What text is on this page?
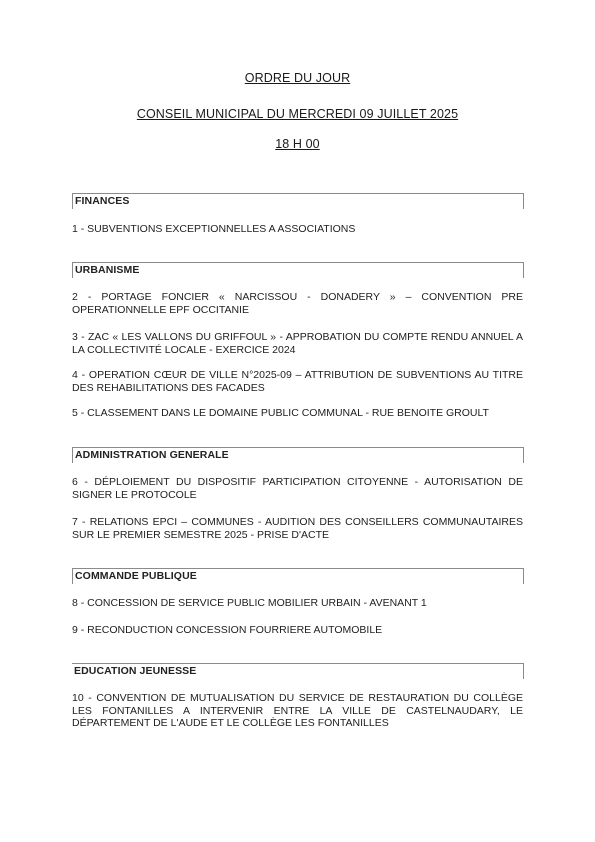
ORDRE DU JOUR
CONSEIL MUNICIPAL DU MERCREDI 09 JUILLET 2025
18 H 00
FINANCES
1 - SUBVENTIONS EXCEPTIONNELLES A ASSOCIATIONS
URBANISME
2 - PORTAGE FONCIER « NARCISSOU - DONADERY » – CONVENTION PRE OPERATIONNELLE EPF OCCITANIE
3 - ZAC « LES VALLONS DU GRIFFOUL » - APPROBATION DU COMPTE RENDU ANNUEL A LA COLLECTIVITÉ LOCALE - EXERCICE 2024
4 - OPERATION CŒUR DE VILLE N°2025-09 – ATTRIBUTION DE SUBVENTIONS AU TITRE DES REHABILITATIONS DES FACADES
5 - CLASSEMENT DANS LE DOMAINE PUBLIC COMMUNAL - RUE BENOITE GROULT
ADMINISTRATION GENERALE
6 - DÉPLOIEMENT DU DISPOSITIF PARTICIPATION CITOYENNE - AUTORISATION DE SIGNER LE PROTOCOLE
7 - RELATIONS EPCI – COMMUNES - AUDITION DES CONSEILLERS COMMUNAUTAIRES SUR LE PREMIER SEMESTRE 2025 - PRISE D'ACTE
COMMANDE PUBLIQUE
8 - CONCESSION DE SERVICE PUBLIC MOBILIER URBAIN - AVENANT 1
9 - RECONDUCTION CONCESSION FOURRIERE AUTOMOBILE
EDUCATION JEUNESSE
10 - CONVENTION DE MUTUALISATION DU SERVICE DE RESTAURATION DU COLLÈGE LES FONTANILLES A INTERVENIR ENTRE LA VILLE DE CASTELNAUDARY, LE DÉPARTEMENT DE L'AUDE ET LE COLLÈGE LES FONTANILLES
